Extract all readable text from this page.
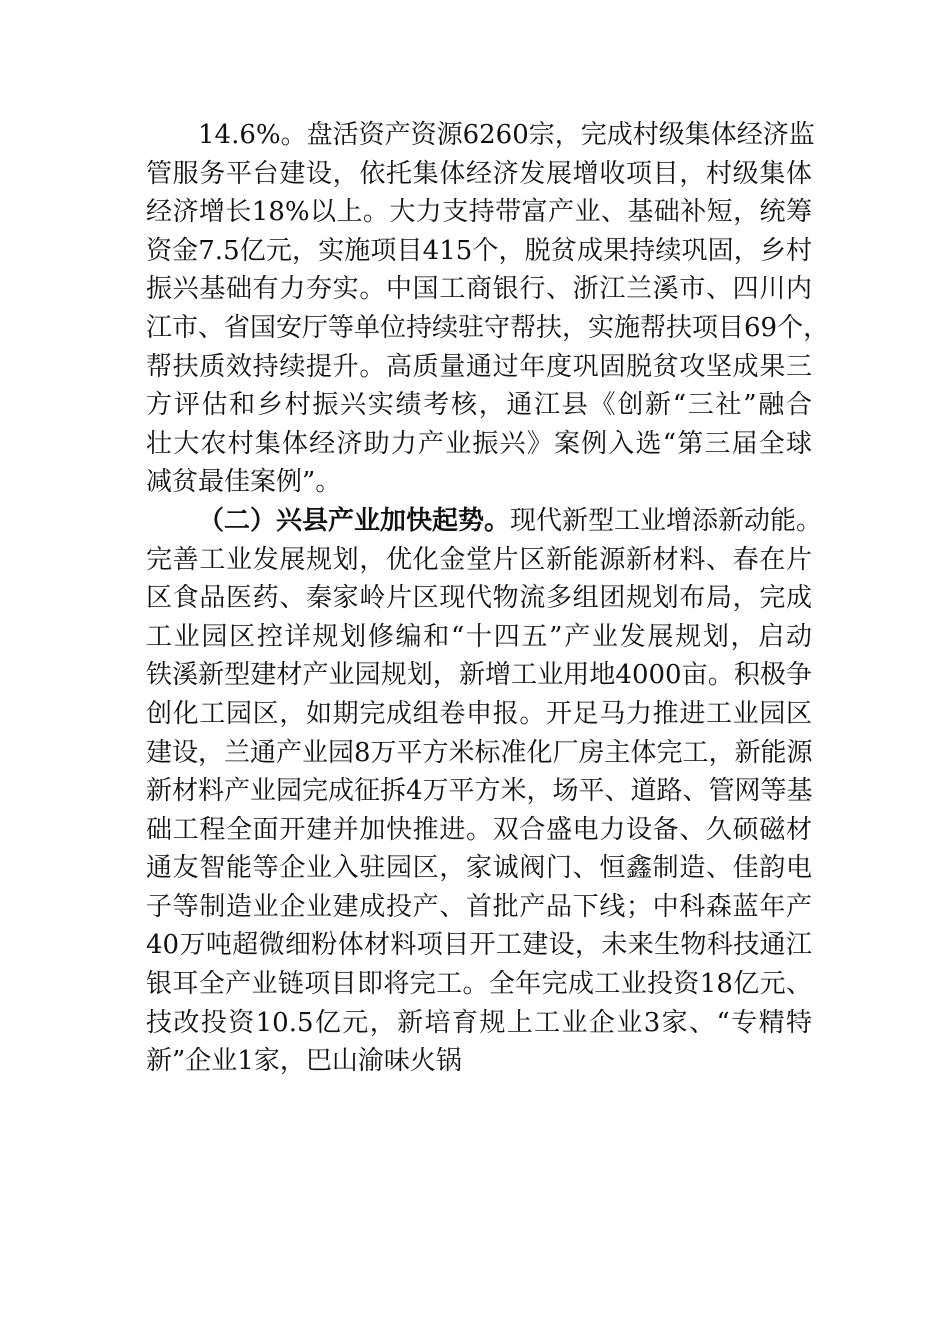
14.6%。盘活资产资源6260宗，完成村级集体经济监
管服务平台建设，依托集体经济发展增收项目，村级集体
经济增长18%以上。大力支持带富产业、基础补短，统筹
资金7.5亿元，实施项目415个，脱贫成果持续巩固，乡村
振兴基础有力夯实。中国工商银行、浙江兰溪市、四川内
江市、省国安厅等单位持续驻守帮扶，实施帮扶项目69个，
帮扶质效持续提升。高质量通过年度巩固脱贫攻坚成果三
方评估和乡村振兴实绩考核，通江县《创新“三社”融合
壮大农村集体经济助力产业振兴》案例入选“第三届全球
减贫最佳案例”。
（二）兴县产业加快起势。现代新型工业增添新动能。
完善工业发展规划，优化金堂片区新能源新材料、春在片
区食品医药、秦家岭片区现代物流多组团规划布局，完成
工业园区控详规划修编和“十四五”产业发展规划，启动
铁溪新型建材产业园规划，新增工业用地4000亩。积极争
创化工园区，如期完成组卷申报。开足马力推进工业园区
建设，兰通产业园8万平方米标准化厂房主体完工，新能源
新材料产业园完成征拆4万平方米，场平、道路、管网等基
础工程全面开建并加快推进。双合盛电力设备、久硕磁材
通友智能等企业入驻园区，家诚阀门、恒鑫制造、佳韵电
子等制造业企业建成投产、首批产品下线；中科森蓝年产
40万吨超微细粉体材料项目开工建设，未来生物科技通江
银耳全产业链项目即将完工。全年完成工业投资18亿元、
技改投资10.5亿元，新培育规上工业企业3家、“专精特
新”企业1家，巴山渝味火锅
